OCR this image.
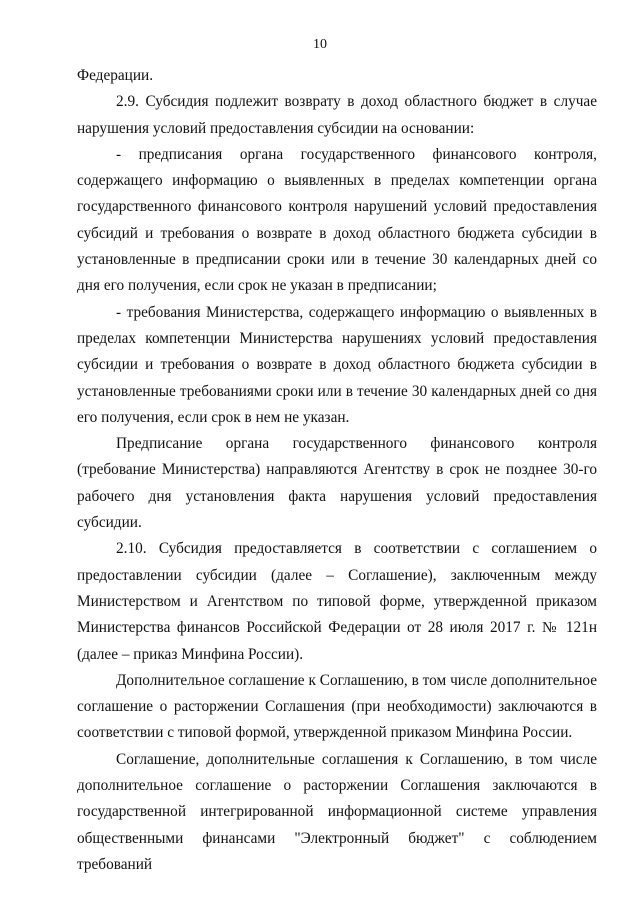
10

Федерации.

2.9. Субсидия подлежит возврату в доход областного бюджет в случае нарушения условий предоставления субсидии на основании:

- предписания органа государственного финансового контроля, содержащего информацию о выявленных в пределах компетенции органа государственного финансового контроля нарушений условий предоставления субсидий и требования о возврате в доход областного бюджета субсидии в установленные в предписании сроки или в течение 30 календарных дней со дня его получения, если срок не указан в предписании;

- требования Министерства, содержащего информацию о выявленных в пределах компетенции Министерства нарушениях условий предоставления субсидии и требования о возврате в доход областного бюджета субсидии в установленные требованиями сроки или в течение 30 календарных дней со дня его получения, если срок в нем не указан.

Предписание органа государственного финансового контроля (требование Министерства) направляются Агентству в срок не позднее 30-го рабочего дня установления факта нарушения условий предоставления субсидии.

2.10. Субсидия предоставляется в соответствии с соглашением о предоставлении субсидии (далее – Соглашение), заключенным между Министерством и Агентством по типовой форме, утвержденной приказом Министерства финансов Российской Федерации от 28 июля 2017 г. № 121н (далее – приказ Минфина России).

Дополнительное соглашение к Соглашению, в том числе дополнительное соглашение о расторжении Соглашения (при необходимости) заключаются в соответствии с типовой формой, утвержденной приказом Минфина России.

Соглашение, дополнительные соглашения к Соглашению, в том числе дополнительное соглашение о расторжении Соглашения заключаются в государственной интегрированной информационной системе управления общественными финансами "Электронный бюджет" с соблюдением требований
